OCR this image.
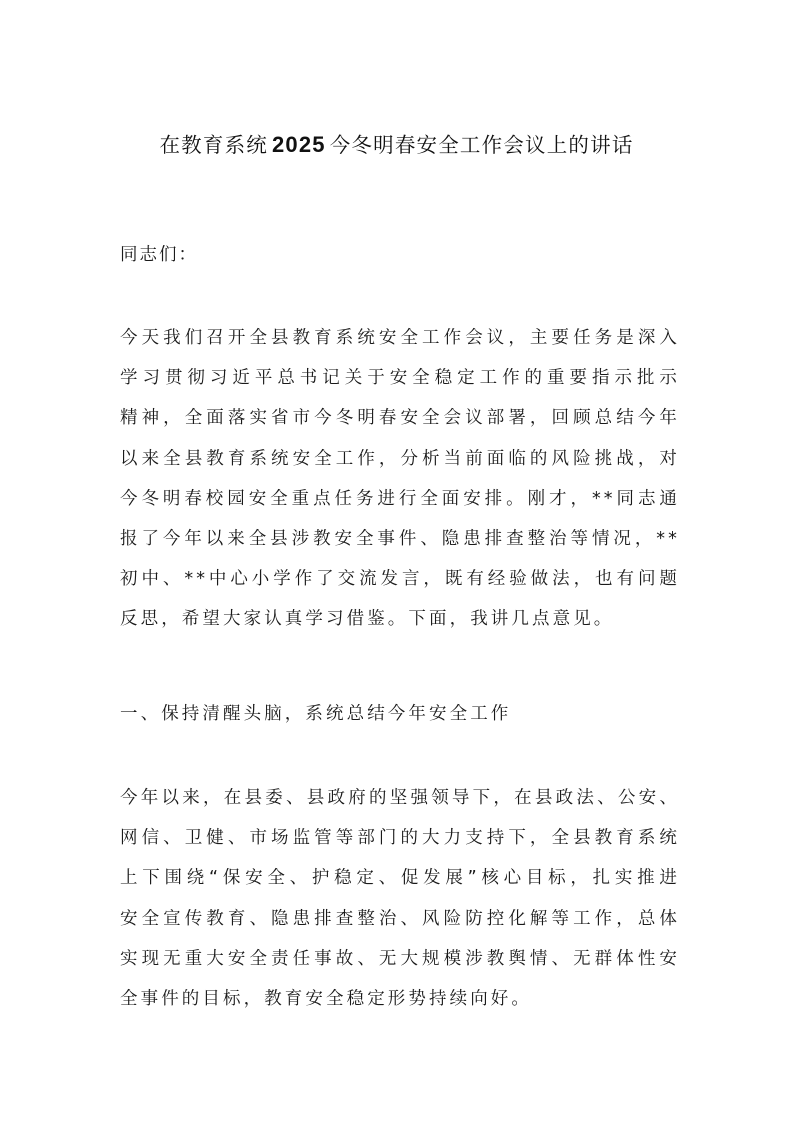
在教育系统 2025 今冬明春安全工作会议上的讲话
同志们：
今天我们召开全县教育系统安全工作会议，主要任务是深入
学习贯彻习近平总书记关于安全稳定工作的重要指示批示
精神，全面落实省市今冬明春安全会议部署，回顾总结今年
以来全县教育系统安全工作，分析当前面临的风险挑战，对
今冬明春校园安全重点任务进行全面安排。刚才，**同志通
报了今年以来全县涉教安全事件、隐患排查整治等情况，**
初中、**中心小学作了交流发言，既有经验做法，也有问题
反思，希望大家认真学习借鉴。下面，我讲几点意见。
一、保持清醒头脑，系统总结今年安全工作
今年以来，在县委、县政府的坚强领导下，在县政法、公安、
网信、卫健、市场监管等部门的大力支持下，全县教育系统
上下围绕“保安全、护稳定、促发展”核心目标，扎实推进
安全宣传教育、隐患排查整治、风险防控化解等工作，总体
实现无重大安全责任事故、无大规模涉教舆情、无群体性安
全事件的目标，教育安全稳定形势持续向好。
